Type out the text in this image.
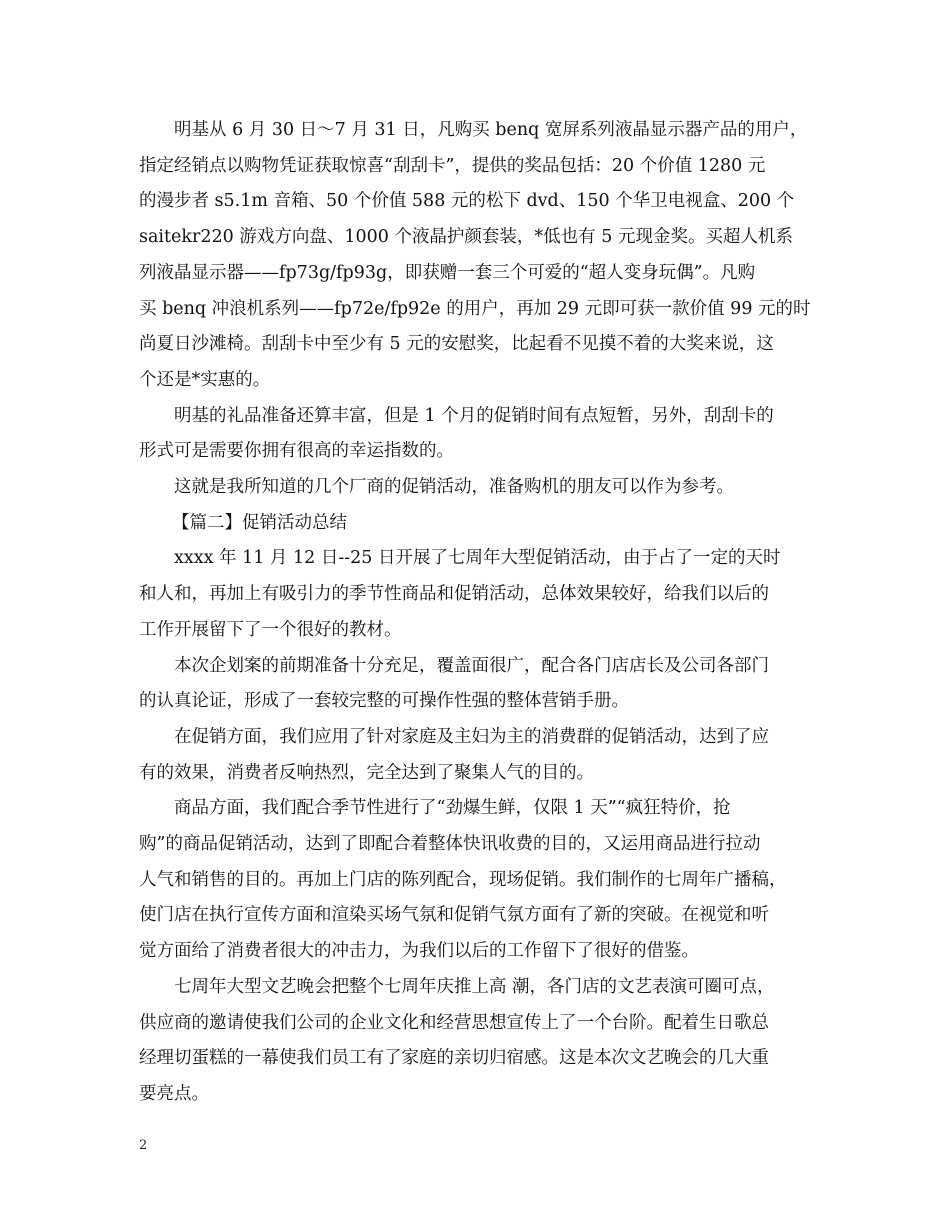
明基从 6 月 30 日～7 月 31 日，凡购买 benq 宽屏系列液晶显示器产品的用户，
指定经销点以购物凭证获取惊喜“刮刮卡”，提供的奖品包括：20 个价值 1280 元
的漫步者 s5.1m 音箱、50 个价值 588 元的松下 dvd、150 个华卫电视盒、200 个
saitekr220 游戏方向盘、1000 个液晶护颜套装，*低也有 5 元现金奖。买超人机系
列液晶显示器——fp73g/fp93g，即获赠一套三个可爱的“超人变身玩偶”。凡购
买 benq 冲浪机系列——fp72e/fp92e 的用户，再加 29 元即可获一款价值 99 元的时
尚夏日沙滩椅。刮刮卡中至少有 5 元的安慰奖，比起看不见摸不着的大奖来说，这
个还是*实惠的。
明基的礼品准备还算丰富，但是 1 个月的促销时间有点短暂，另外，刮刮卡的
形式可是需要你拥有很高的幸运指数的。
这就是我所知道的几个厂商的促销活动，准备购机的朋友可以作为参考。
【篇二】促销活动总结
xxxx 年 11 月 12 日--25 日开展了七周年大型促销活动，由于占了一定的天时
和人和，再加上有吸引力的季节性商品和促销活动，总体效果较好，给我们以后的
工作开展留下了一个很好的教材。
本次企划案的前期准备十分充足，覆盖面很广，配合各门店店长及公司各部门
的认真论证，形成了一套较完整的可操作性强的整体营销手册。
在促销方面，我们应用了针对家庭及主妇为主的消费群的促销活动，达到了应
有的效果，消费者反响热烈，完全达到了聚集人气的目的。
商品方面，我们配合季节性进行了“劲爆生鲜，仅限 1 天”“疯狂特价，抢
购”的商品促销活动，达到了即配合着整体快讯收费的目的，又运用商品进行拉动
人气和销售的目的。再加上门店的陈列配合，现场促销。我们制作的七周年广播稿，
使门店在执行宣传方面和渲染买场气氛和促销气氛方面有了新的突破。在视觉和听
觉方面给了消费者很大的冲击力，为我们以后的工作留下了很好的借鉴。
七周年大型文艺晚会把整个七周年庆推上高 潮，各门店的文艺表演可圈可点，
供应商的邀请使我们公司的企业文化和经营思想宣传上了一个台阶。配着生日歌总
经理切蛋糕的一幕使我们员工有了家庭的亲切归宿感。这是本次文艺晚会的几大重
要亮点。
2
